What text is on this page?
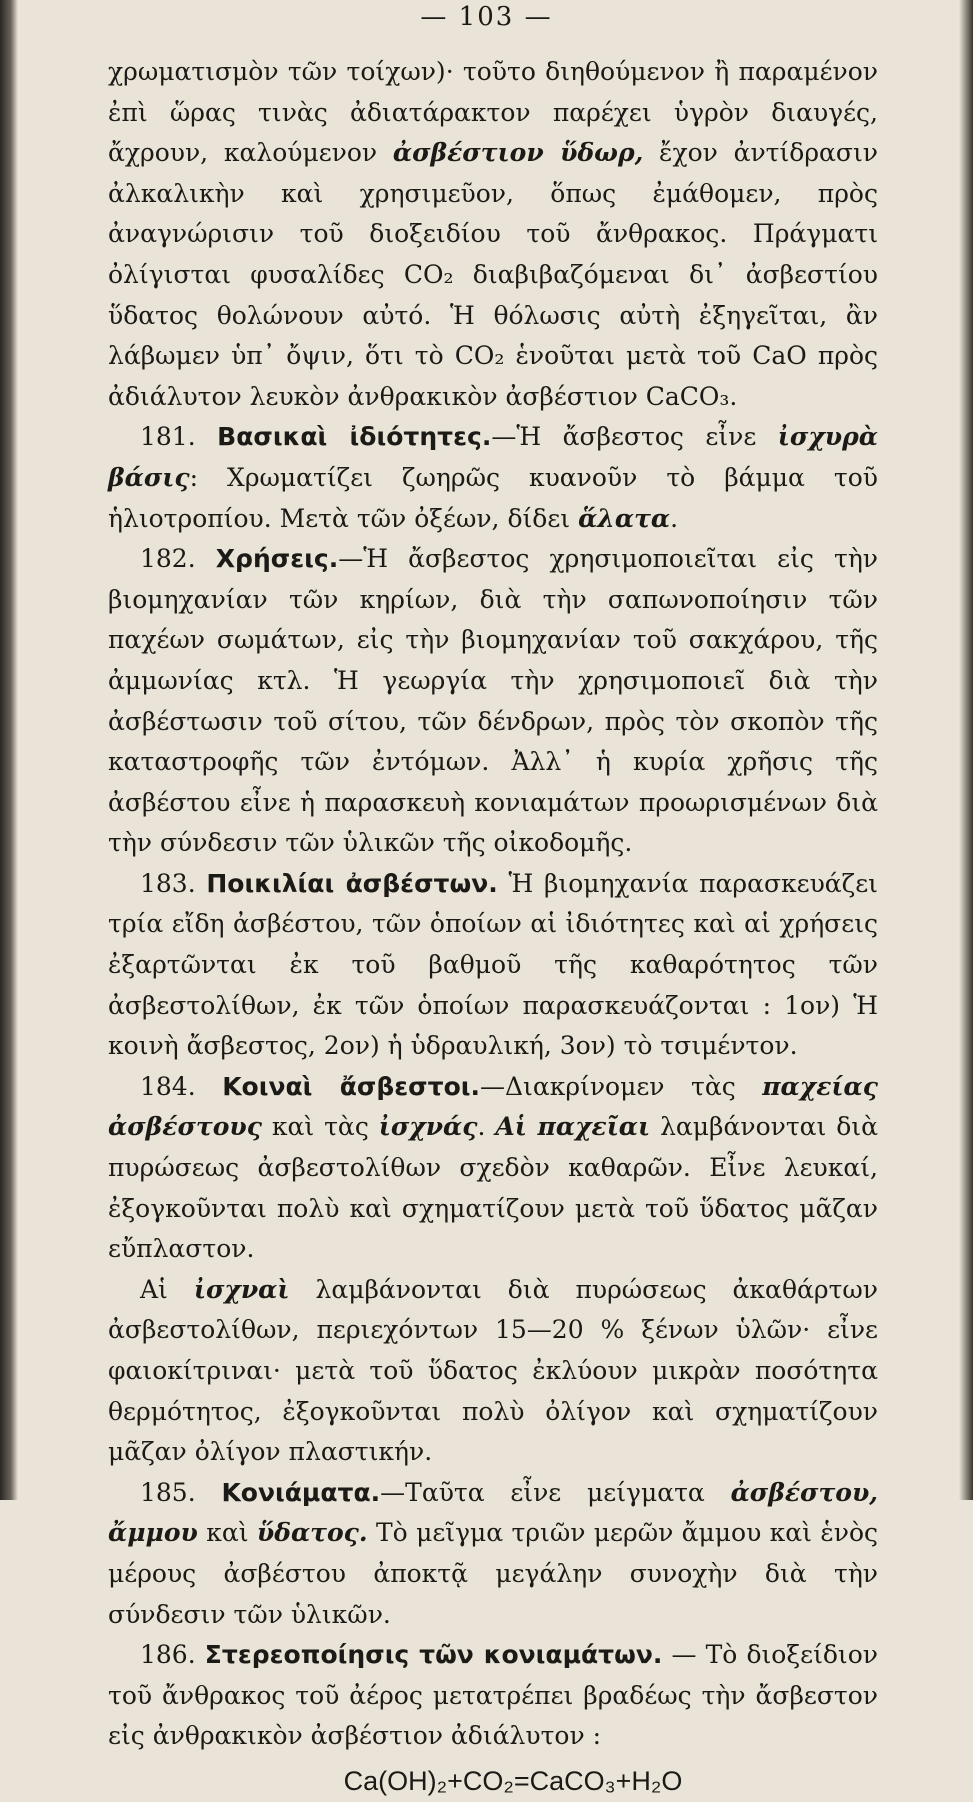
— 103 —

χρωματισμὸν τῶν τοίχων)· τοῦτο διηθούμενον ἢ παραμένον ἐπὶ ὥρας τινὰς ἀδιατάρακτον παρέχει ὑγρὸν διαυγές, ἄχρουν, καλούμενον ἀσβέστιον ὕδωρ, ἔχον ἀντίδρασιν ἀλκαλικὴν καὶ χρησιμεῦον, ὅπως ἐμάθομεν, πρὸς ἀναγνώρισιν τοῦ διοξειδίου τοῦ ἄνθρακος. Πράγματι ὀλίγισται φυσαλίδες CO₂ διαβιβαζόμεναι δι᾿ ἀσβεστίου ὕδατος θολώνουν αὐτό. Ἡ θόλωσις αὐτὴ ἐξηγεῖται, ἂν λάβωμεν ὑπ᾿ ὄψιν, ὅτι τὸ CO₂ ἑνοῦται μετὰ τοῦ CaO πρὸς ἀδιάλυτον λευκὸν ἀνθρακικὸν ἀσβέστιον CaCO₃.

181. Βασικαὶ ἰδιότητες.—Ἡ ἄσβεστος εἶνε ἰσχυρὰ βάσις: Χρωματίζει ζωηρῶς κυανοῦν τὸ βάμμα τοῦ ἡλιοτροπίου. Μετὰ τῶν ὀξέων, δίδει ἅλατα.

182. Χρήσεις.—Ἡ ἄσβεστος χρησιμοποιεῖται εἰς τὴν βιομηχανίαν τῶν κηρίων, διὰ τὴν σαπωνοποίησιν τῶν παχέων σωμάτων, εἰς τὴν βιομηχανίαν τοῦ σακχάρου, τῆς ἀμμωνίας κτλ. Ἡ γεωργία τὴν χρησιμοποιεῖ διὰ τὴν ἀσβέστωσιν τοῦ σίτου, τῶν δένδρων, πρὸς τὸν σκοπὸν τῆς καταστροφῆς τῶν ἐντόμων. Ἀλλ᾿ ἡ κυρία χρῆσις τῆς ἀσβέστου εἶνε ἡ παρασκευὴ κονιαμάτων προωρισμένων διὰ τὴν σύνδεσιν τῶν ὑλικῶν τῆς οἰκοδομῆς.

183. Ποικιλίαι ἀσβέστων. Ἡ βιομηχανία παρασκευάζει τρία εἴδη ἀσβέστου, τῶν ὁποίων αἱ ἰδιότητες καὶ αἱ χρήσεις ἐξαρτῶνται ἐκ τοῦ βαθμοῦ τῆς καθαρότητος τῶν ἀσβεστολίθων, ἐκ τῶν ὁποίων παρασκευάζονται : 1ον) Ἡ κοινὴ ἄσβεστος, 2ον) ἡ ὑδραυλική, 3ον) τὸ τσιμέντον.

184. Κοιναὶ ἄσβεστοι.—Διακρίνομεν τὰς παχείας ἀσβέστους καὶ τὰς ἰσχνάς. Αἱ παχεῖαι λαμβάνονται διὰ πυρώσεως ἀσβεστολίθων σχεδὸν καθαρῶν. Εἶνε λευκαί, ἐξογκοῦνται πολὺ καὶ σχηματίζουν μετὰ τοῦ ὕδατος μᾶζαν εὔπλαστον.

Αἱ ἰσχναὶ λαμβάνονται διὰ πυρώσεως ἀκαθάρτων ἀσβεστολίθων, περιεχόντων 15—20 % ξένων ὑλῶν· εἶνε φαιοκίτριναι· μετὰ τοῦ ὕδατος ἐκλύουν μικρὰν ποσότητα θερμότητος, ἐξογκοῦνται πολὺ ὀλίγον καὶ σχηματίζουν μᾶζαν ὀλίγον πλαστικήν.

185. Κονιάματα.—Ταῦτα εἶνε μείγματα ἀσβέστου, ἄμμου καὶ ὕδατος. Τὸ μεῖγμα τριῶν μερῶν ἄμμου καὶ ἑνὸς μέρους ἀσβέστου ἀποκτᾷ μεγάλην συνοχὴν διὰ τὴν σύνδεσιν τῶν ὑλικῶν.

186. Στερεοποίησις τῶν κονιαμάτων. — Τὸ διοξείδιον τοῦ ἄνθρακος τοῦ ἀέρος μετατρέπει βραδέως τὴν ἄσβεστον εἰς ἀνθρακικὸν ἀσβέστιον ἀδιάλυτον :

Ca(OH)₂+CO₂=CaCO₃+H₂O
